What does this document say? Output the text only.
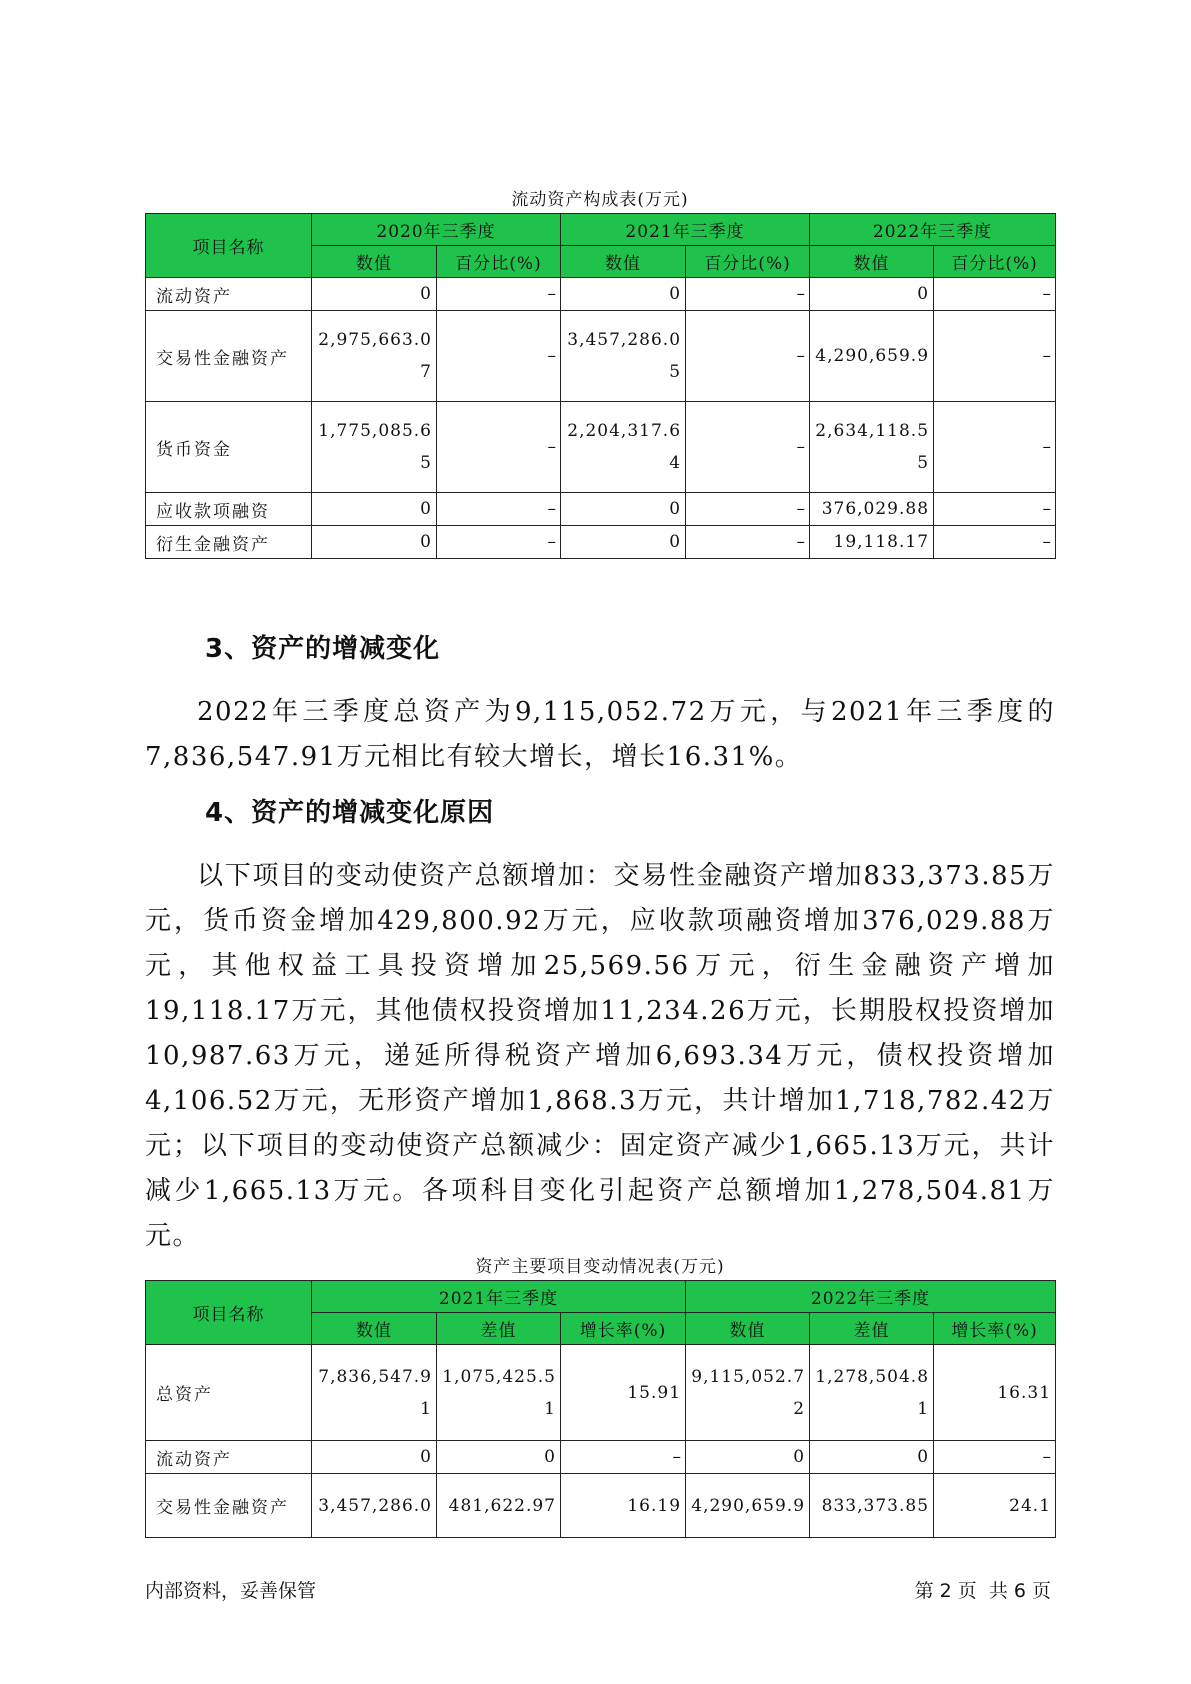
流动资产构成表(万元)
项目名称	2020年三季度		2021年三季度		2022年三季度	
	数值	百分比(%)	数值	百分比(%)	数值	百分比(%)
流动资产	0	–	0	–	0	–
交易性金融资产	2,975,663.07	–	3,457,286.05	–	4,290,659.9	–
货币资金	1,775,085.65	–	2,204,317.64	–	2,634,118.55	–
应收款项融资	0	–	0	–	376,029.88	–
衍生金融资产	0	–	0	–	19,118.17	–
3、资产的增减变化
2022年三季度总资产为9,115,052.72万元，与2021年三季度的7,836,547.91万元相比有较大增长，增长16.31%。
4、资产的增减变化原因
以下项目的变动使资产总额增加：交易性金融资产增加833,373.85万元，货币资金增加429,800.92万元，应收款项融资增加376,029.88万元，其他权益工具投资增加25,569.56万元，衍生金融资产增加19,118.17万元，其他债权投资增加11,234.26万元，长期股权投资增加10,987.63万元，递延所得税资产增加6,693.34万元，债权投资增加4,106.52万元，无形资产增加1,868.3万元，共计增加1,718,782.42万元；以下项目的变动使资产总额减少：固定资产减少1,665.13万元，共计减少1,665.13万元。各项科目变化引起资产总额增加1,278,504.81万元。
资产主要项目变动情况表(万元)
项目名称	2021年三季度			2022年三季度		
	数值	差值	增长率(%)	数值	差值	增长率(%)
总资产	7,836,547.91	1,075,425.51	15.91	9,115,052.72	1,278,504.81	16.31
流动资产	0	0	–	0	0	–
交易性金融资产	3,457,286.0	481,622.97	16.19	4,290,659.9	833,373.85	24.1
内部资料，妥善保管	第 2 页  共 6 页
